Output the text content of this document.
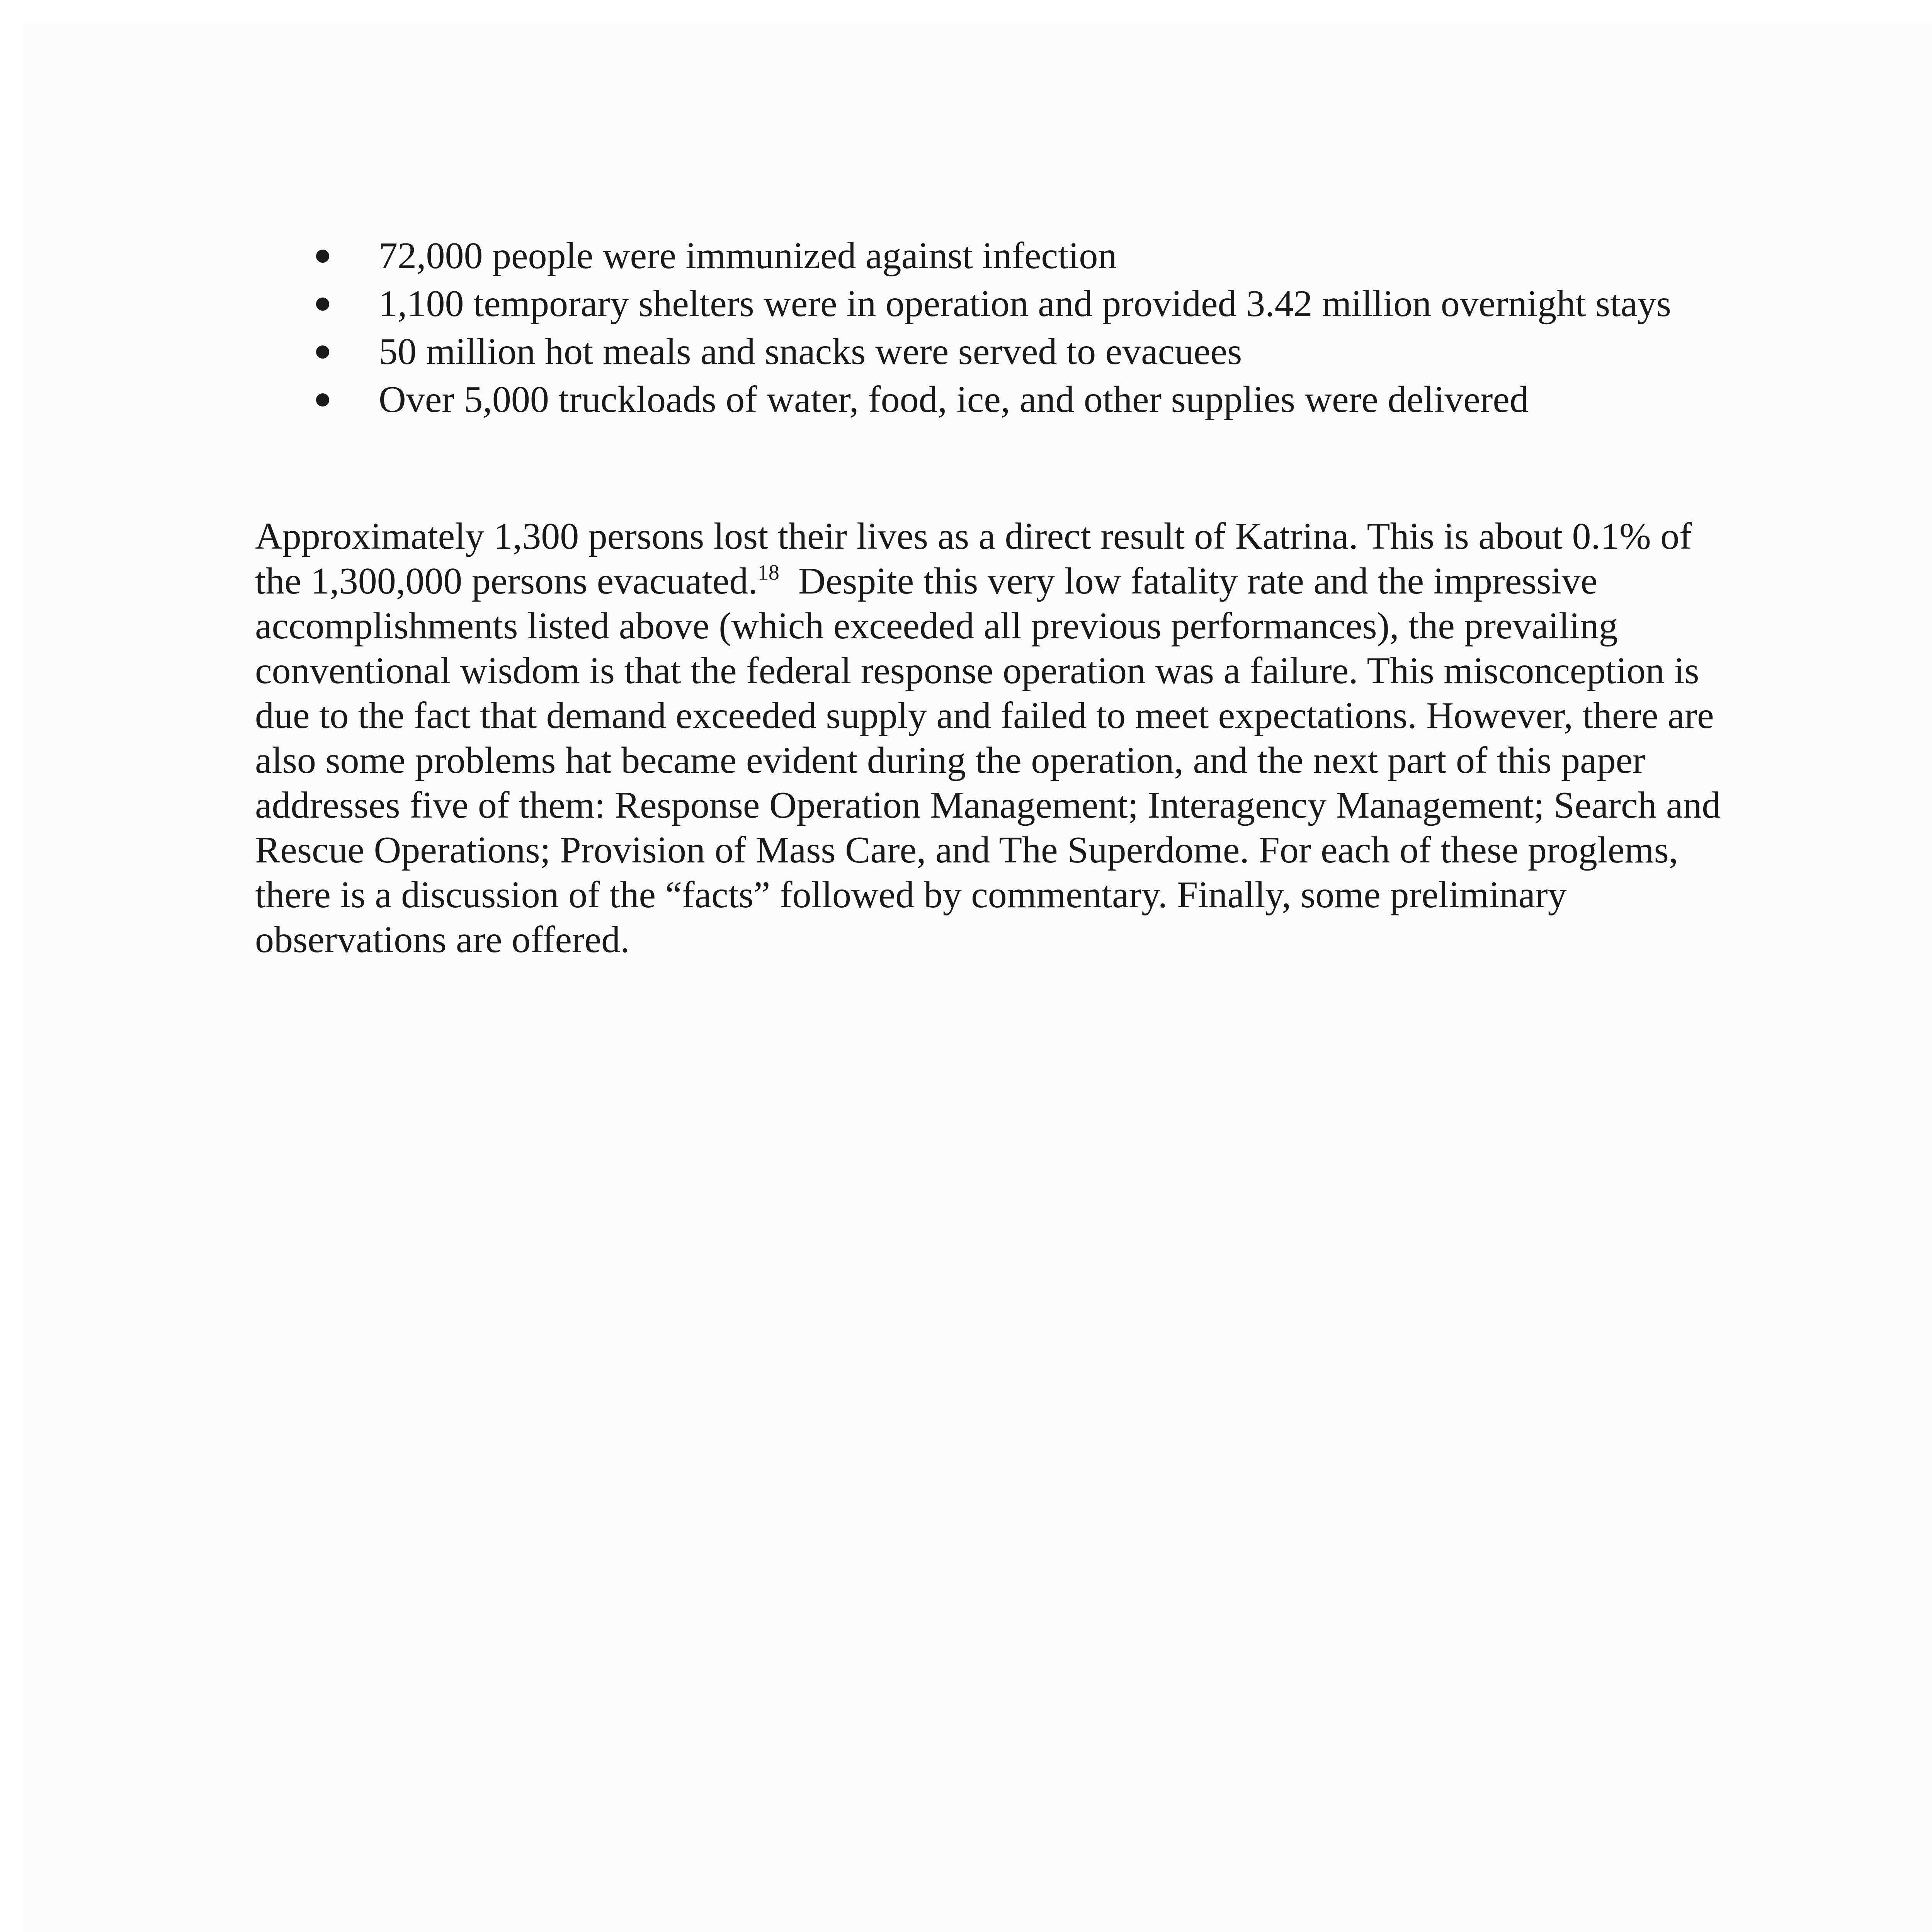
72,000 people were immunized against infection
1,100 temporary shelters were in operation and provided 3.42 million overnight stays
50 million hot meals and snacks were served to evacuees
Over 5,000 truckloads of water, food, ice, and other supplies were delivered

Approximately 1,300 persons lost their lives as a direct result of Katrina. This is about 0.1% of
the 1,300,000 persons evacuated.$^{18}$  Despite this very low fatality rate and the impressive
accomplishments listed above (which exceeded all previous performances), the prevailing
conventional wisdom is that the federal response operation was a failure. This misconception is
due to the fact that demand exceeded supply and failed to meet expectations. However, there are
also some problems hat became evident during the operation, and the next part of this paper
addresses five of them: Response Operation Management; Interagency Management; Search and
Rescue Operations; Provision of Mass Care, and The Superdome. For each of these proglems,
there is a discussion of the “facts” followed by commentary. Finally, some preliminary
observations are offered.
